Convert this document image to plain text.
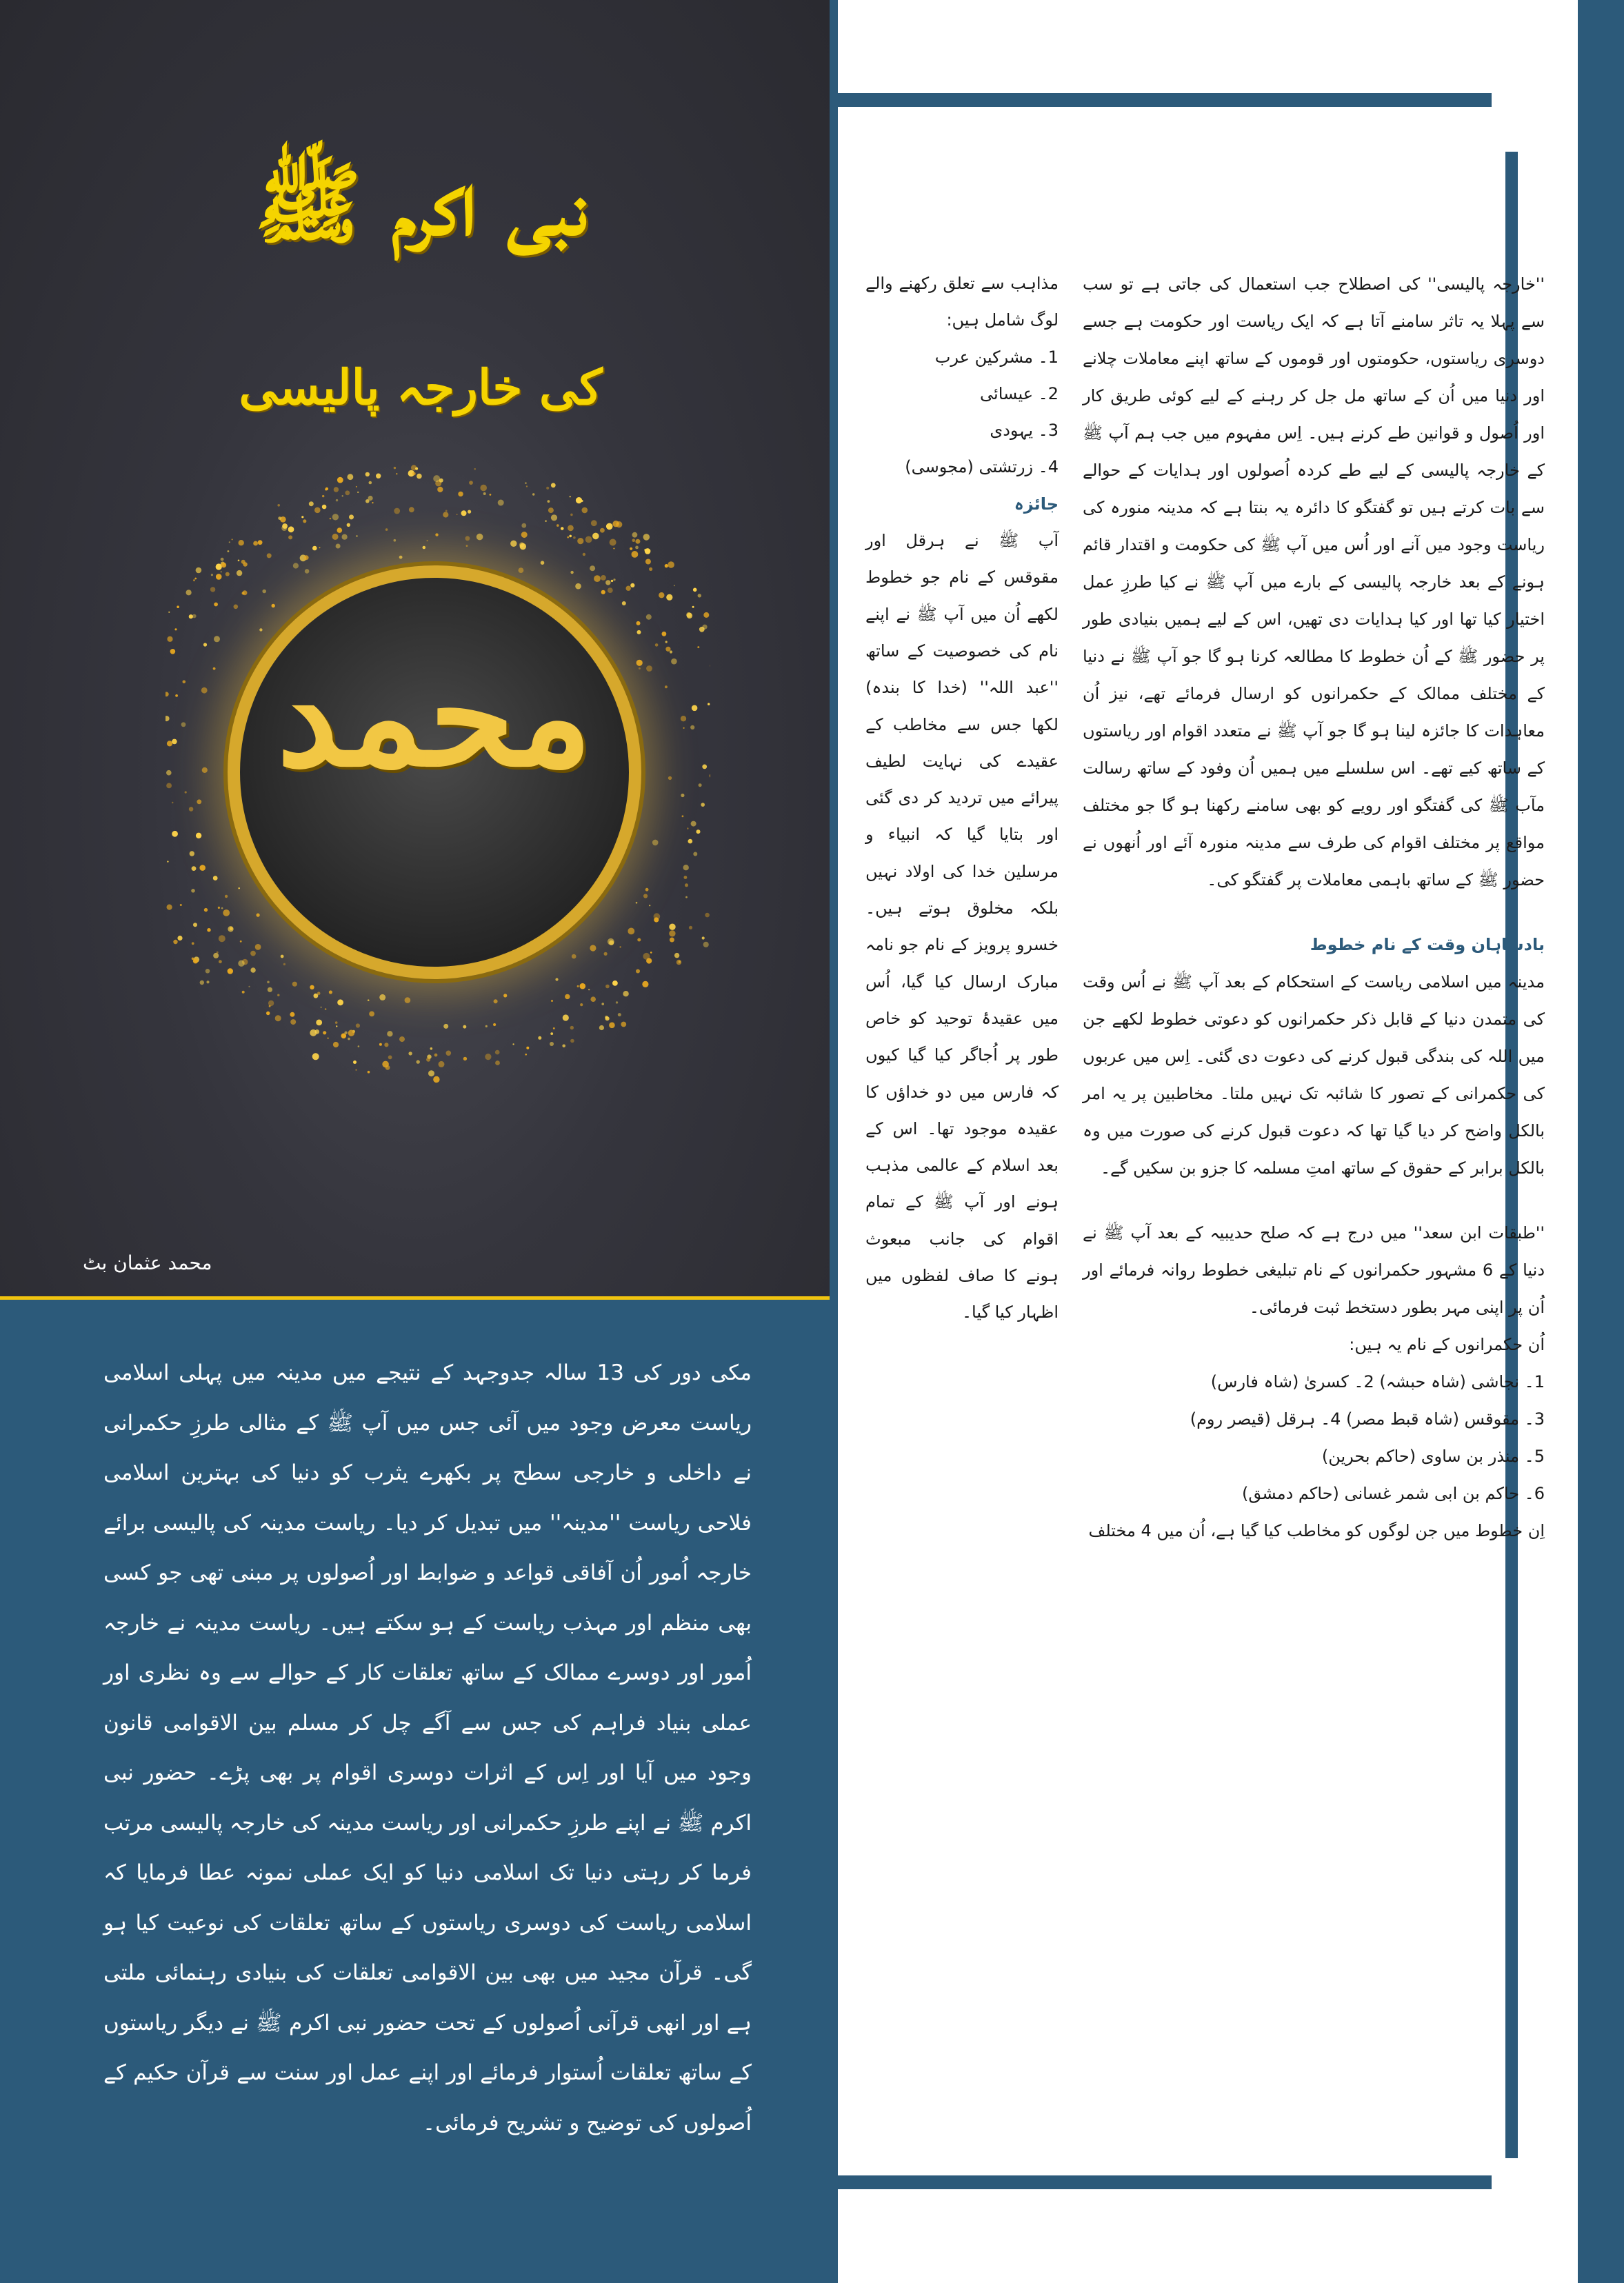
محمد
نبی اکرم ﷺ
کی خارجہ پالیسی
محمد عثمان بٹ

مکی دور کی 13 سالہ جدوجہد کے نتیجے میں مدینہ میں پہلی اسلامی ریاست معرض وجود میں آئی جس میں آپ ﷺ کے مثالی طرزِ حکمرانی نے داخلی و خارجی سطح پر بکھرے یثرب کو دنیا کی بہترین اسلامی فلاحی ریاست ''مدینہ'' میں تبدیل کر دیا۔ ریاست مدینہ کی پالیسی برائے خارجہ اُمور اُن آفاقی قواعد و ضوابط اور اُصولوں پر مبنی تھی جو کسی بھی منظم اور مہذب ریاست کے ہو سکتے ہیں۔ ریاست مدینہ نے خارجہ اُمور اور دوسرے ممالک کے ساتھ تعلقات کار کے حوالے سے وہ نظری اور عملی بنیاد فراہم کی جس سے آگے چل کر مسلم بین الاقوامی قانون وجود میں آیا اور اِس کے اثرات دوسری اقوام پر بھی پڑے۔ حضور نبی اکرم ﷺ نے اپنے طرزِ حکمرانی اور ریاست مدینہ کی خارجہ پالیسی مرتب فرما کر رہتی دنیا تک اسلامی دنیا کو ایک عملی نمونہ عطا فرمایا کہ اسلامی ریاست کی دوسری ریاستوں کے ساتھ تعلقات کی نوعیت کیا ہو گی۔ قرآن مجید میں بھی بین الاقوامی تعلقات کی بنیادی رہنمائی ملتی ہے اور انھی قرآنی اُصولوں کے تحت حضور نبی اکرم ﷺ نے دیگر ریاستوں کے ساتھ تعلقات اُستوار فرمائے اور اپنے عمل اور سنت سے قرآن حکیم کے اُصولوں کی توضیح و تشریح فرمائی۔

مذاہب سے تعلق رکھنے والے لوگ شامل ہیں:

1۔ مشرکین عرب
2۔ عیسائی
3۔ یہودی
4۔ زرتشتی (مجوسی)

جائزہ

آپ ﷺ نے ہرقل اور مقوقس کے نام جو خطوط لکھے اُن میں آپ ﷺ نے اپنے نام کی خصوصیت کے ساتھ ''عبد اللہ'' (خدا کا بندہ) لکھا جس سے مخاطب کے عقیدے کی نہایت لطیف پیرائے میں تردید کر دی گئی اور بتایا گیا کہ انبیاء و مرسلین خدا کی اولاد نہیں بلکہ مخلوق ہوتے ہیں۔ خسرو پرویز کے نام جو نامہ مبارک ارسال کیا گیا، اُس میں عقیدۂ توحید کو خاص طور پر اُجاگر کیا گیا کیوں کہ فارس میں دو خداؤں کا عقیدہ موجود تھا۔ اس کے بعد اسلام کے عالمی مذہب ہونے اور آپ ﷺ کے تمام اقوام کی جانب مبعوث ہونے کا صاف لفظوں میں اظہار کیا گیا۔

''خارجہ پالیسی'' کی اصطلاح جب استعمال کی جاتی ہے تو سب سے پہلا یہ تاثر سامنے آتا ہے کہ ایک ریاست اور حکومت ہے جسے دوسری ریاستوں، حکومتوں اور قوموں کے ساتھ اپنے معاملات چلانے اور دنیا میں اُن کے ساتھ مل جل کر رہنے کے لیے کوئی طریق کار اور اُصول و قوانین طے کرنے ہیں۔ اِس مفہوم میں جب ہم آپ ﷺ کے خارجہ پالیسی کے لیے طے کردہ اُصولوں اور ہدایات کے حوالے سے بات کرتے ہیں تو گفتگو کا دائرہ یہ بنتا ہے کہ مدینہ منورہ کی ریاست وجود میں آنے اور اُس میں آپ ﷺ کی حکومت و اقتدار قائم ہونے کے بعد خارجہ پالیسی کے بارے میں آپ ﷺ نے کیا طرزِ عمل اختیار کیا تھا اور کیا ہدایات دی تھیں، اس کے لیے ہمیں بنیادی طور پر حضور ﷺ کے اُن خطوط کا مطالعہ کرنا ہو گا جو آپ ﷺ نے دنیا کے مختلف ممالک کے حکمرانوں کو ارسال فرمائے تھے، نیز اُن معاہدات کا جائزہ لینا ہو گا جو آپ ﷺ نے متعدد اقوام اور ریاستوں کے ساتھ کیے تھے۔ اس سلسلے میں ہمیں اُن وفود کے ساتھ رسالت مآب ﷺ کی گفتگو اور رویے کو بھی سامنے رکھنا ہو گا جو مختلف مواقع پر مختلف اقوام کی طرف سے مدینہ منورہ آئے اور اُنھوں نے حضور ﷺ کے ساتھ باہمی معاملات پر گفتگو کی۔

بادشاہان وقت کے نام خطوط

مدینہ میں اسلامی ریاست کے استحکام کے بعد آپ ﷺ نے اُس وقت کی متمدن دنیا کے قابل ذکر حکمرانوں کو دعوتی خطوط لکھے جن میں اللہ کی بندگی قبول کرنے کی دعوت دی گئی۔ اِس میں عربوں کی حکمرانی کے تصور کا شائبہ تک نہیں ملتا۔ مخاطبین پر یہ امر بالکل واضح کر دیا گیا تھا کہ دعوت قبول کرنے کی صورت میں وہ بالکل برابر کے حقوق کے ساتھ امتِ مسلمہ کا جزو بن سکیں گے۔

''طبقات ابن سعد'' میں درج ہے کہ صلح حدیبیہ کے بعد آپ ﷺ نے دنیا کے 6 مشہور حکمرانوں کے نام تبلیغی خطوط روانہ فرمائے اور اُن پر اپنی مہر بطور دستخط ثبت فرمائی۔

اُن حکمرانوں کے نام یہ ہیں:

1۔ نجاشی (شاہ حبشہ) 2۔ کسریٰ (شاہ فارس)
3۔ مقوقس (شاہ قبط مصر) 4۔ ہرقل (قیصر روم)
5۔ منذر بن ساوی (حاکم بحرین)
6۔ حاکم بن ابی شمر غسانی (حاکم دمشق)

اِن خطوط میں جن لوگوں کو مخاطب کیا گیا ہے، اُن میں 4 مختلف
